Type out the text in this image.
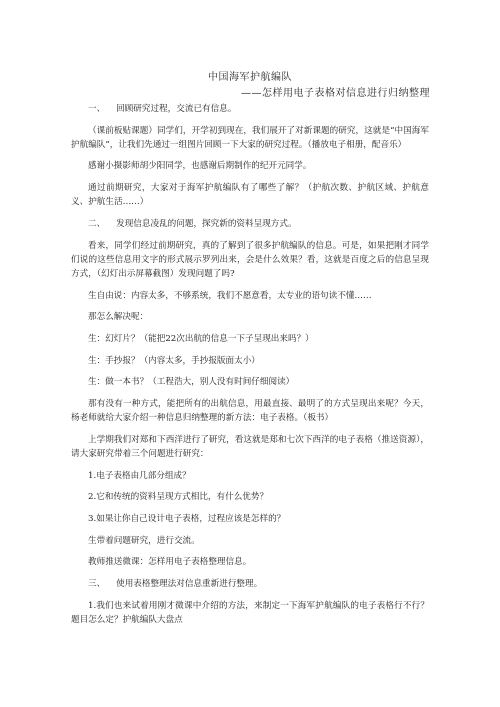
中国海军护航编队
——怎样用电子表格对信息进行归纳整理

一、    回顾研究过程，交流已有信息。

（课前板贴课题）同学们，开学初到现在，我们展开了对新课题的研究，这就是“中国海军护航编队”，让我们先通过一组图片回顾一下大家的研究过程。（播放电子相册，配音乐）

感谢小摄影师胡少阳同学，也感谢后期制作的纪开元同学。

通过前期研究，大家对于海军护航编队有了哪些了解？（护航次数、护航区域、护航意义、护航生活……）

二、    发现信息凌乱的问题，探究新的资料呈现方式。

看来，同学们经过前期研究，真的了解到了很多护航编队的信息。可是，如果把刚才同学们说的这些信息用文字的形式展示罗列出来，会是什么效果？看，这就是百度之后的信息呈现方式，（幻灯出示屏幕截图）发现问题了吗?

生自由说：内容太多，不够系统，我们不愿意看，太专业的语句读不懂……

那怎么解决呢：

生：幻灯片？（能把22次出航的信息一下子呈现出来吗？）

生：手抄报？（内容太多，手抄报版面太小）

生：做一本书？（工程浩大，别人没有时间仔细阅读）

那有没有一种方式，能把所有的出航信息，用最直接、最明了的方式呈现出来呢？今天，杨老师就给大家介绍一种信息归纳整理的新方法：电子表格。（板书）

上学期我们对郑和下西洋进行了研究，看这就是郑和七次下西洋的电子表格（推送资源），请大家研究带着三个问题进行研究：

1.电子表格由几部分组成？

2.它和传统的资料呈现方式相比，有什么优势？

3.如果让你自己设计电子表格，过程应该是怎样的？

生带着问题研究，进行交流。

教师推送微课：怎样用电子表格整理信息。

三、    使用表格整理法对信息重新进行整理。

1.我们也来试着用刚才微课中介绍的方法，来制定一下海军护航编队的电子表格行不行？题目怎么定？护航编队大盘点
